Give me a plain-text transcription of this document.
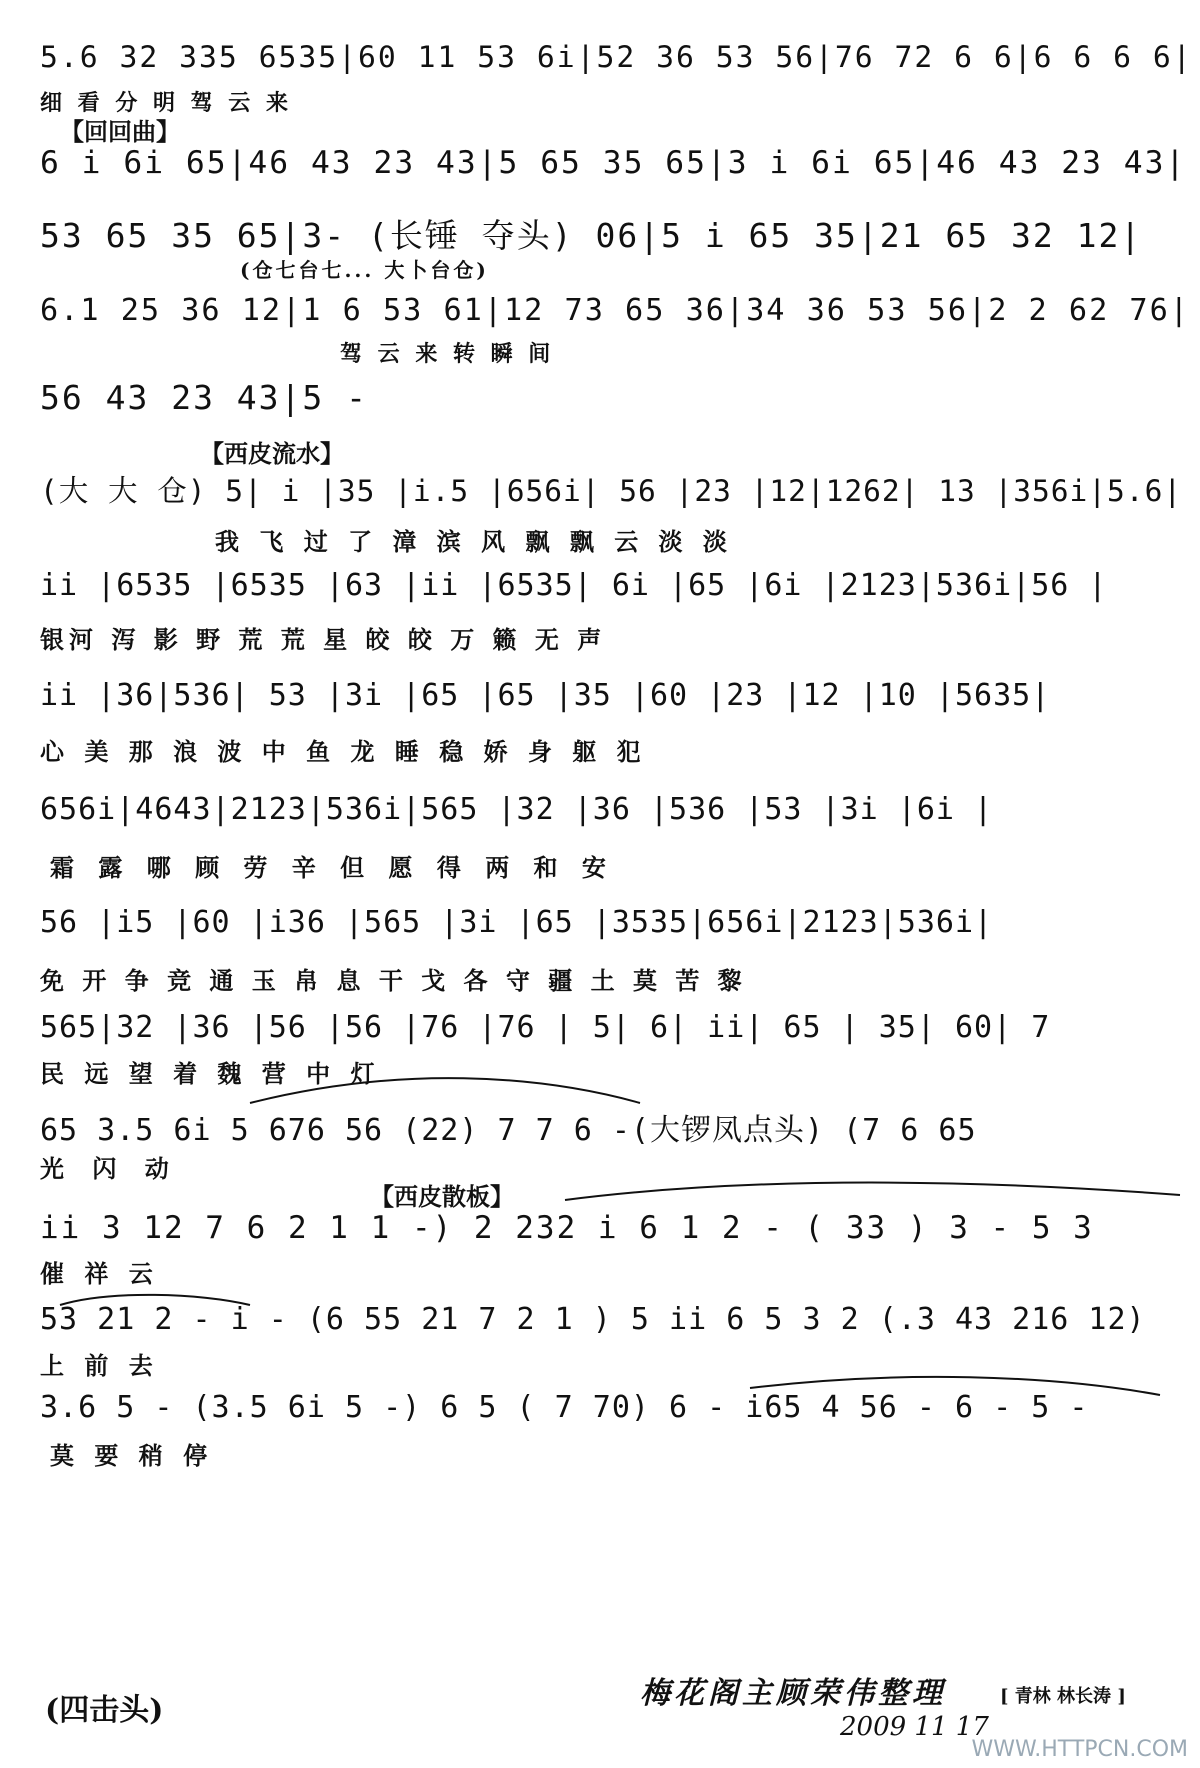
5.6 32 335 6535|60 11 53 6i|52 36 53 56|76 72 6 6|6 6 6 6|
细 看 分 明 驾 云 来
【回回曲】
6 i 6i 65|46 43 23 43|5 65 35 65|3 i 6i 65|46 43 23 43|
53 65 35 65|3- (长锤 夺头) 06|5 i 65 35|21 65 32 12|
(仓七台七... 大卜台仓)
6.1 25 36 12|1 6 53 61|12 73 65 36|34 36 53 56|2 2 62 76|
驾 云 来 转 瞬 间
56 43 23 43|5 -
【西皮流水】
(大 大 仓) 5| i |35 |i.5 |656i| 56 |23 |12|1262| 13 |356i|5.6|
我 飞 过 了 漳 滨 风 飘 飘 云 淡 淡
ii |6535 |6535 |63 |ii |6535| 6i |65 |6i |2123|536i|56 |
银河 泻 影 野 荒 荒 星 皎 皎 万 籁 无 声
ii |36|536| 53 |3i |65 |65 |35 |60 |23 |12 |10 |5635|
心 美 那 浪 波 中 鱼 龙 睡 稳 娇 身 躯 犯
656i|4643|2123|536i|565 |32 |36 |536 |53 |3i |6i |
霜 露 哪 顾 劳 辛 但 愿 得 两 和 安
56 |i5 |60 |i36 |565 |3i |65 |3535|656i|2123|536i|
免 开 争 竞 通 玉 帛 息 干 戈 各 守 疆 土 莫 苦 黎
565|32 |36 |56 |56 |76 |76 | 5| 6| ii| 65 | 35| 60| 7
民 远 望 着 魏 营 中 灯
65 3.5 6i 5 676 56 (22) 7 7 6 -(大锣凤点头) (7 6 65
光 闪 动
【西皮散板】
ii 3 12 7 6 2 1 1 -) 2 232 i 6 1 2 - ( 33 ) 3 - 5 3
催 祥 云
53 21 2 - i - (6 55 21 7 2 1 ) 5 ii 6 5 3 2 (.3 43 216 12)
上 前 去
3.6 5 - (3.5 6i 5 -) 6 5 ( 7 70) 6 - i65 4 56 - 6 - 5 -
莫 要 稍 停
(四击头)	梅花阁主顾荣伟整理
2009 11 17
[ 青林 林长涛 ]
WWW.HTTPCN.COM
